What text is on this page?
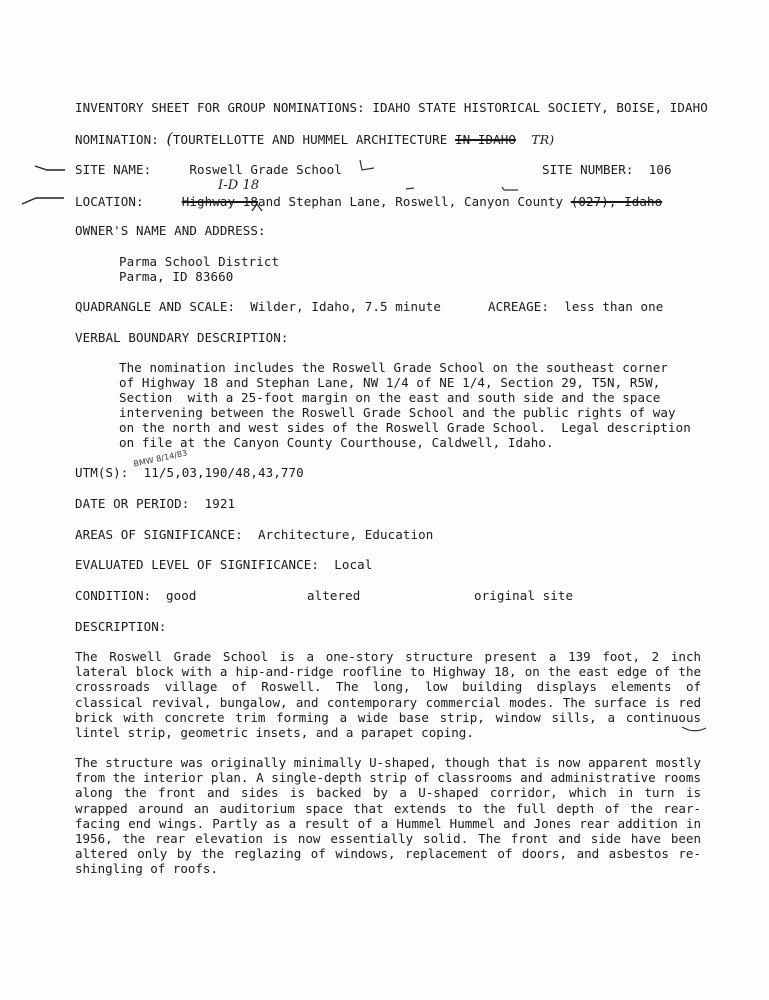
INVENTORY SHEET FOR GROUP NOMINATIONS: IDAHO STATE HISTORICAL SOCIETY, BOISE, IDAHO
NOMINATION: (TOURTELLOTTE AND HUMMEL ARCHITECTURE IN IDAHO TR)
SITE NAME:	Roswell Grade School	SITE NUMBER: 106
I-D 18
LOCATION:	Highway 18and Stephan Lane, Roswell, Canyon County (027), Idaho
OWNER'S NAME AND ADDRESS:
Parma School District
Parma, ID 83660
QUADRANGLE AND SCALE: Wilder, Idaho, 7.5 minute	ACREAGE: less than one
VERBAL BOUNDARY DESCRIPTION:
The nomination includes the Roswell Grade School on the southeast corner
of Highway 18 and Stephan Lane, NW 1/4 of NE 1/4, Section 29, T5N, R5W,
Section  with a 25-foot margin on the east and south side and the space
intervening between the Roswell Grade School and the public rights of way
on the north and west sides of the Roswell Grade School.  Legal description
on file at the Canyon County Courthouse, Caldwell, Idaho.
BMW 8/14/83
UTM(S): 11/5,03,190/48,43,770
DATE OR PERIOD: 1921
AREAS OF SIGNIFICANCE: Architecture, Education
EVALUATED LEVEL OF SIGNIFICANCE: Local
CONDITION: good	altered	original site
DESCRIPTION:
The Roswell Grade School is a one-story structure present a 139 foot, 2 inch lateral block with a hip-and-ridge roofline to Highway 18, on the east edge of the crossroads village of Roswell. The long, low building displays elements of classical revival, bungalow, and contemporary commercial modes. The surface is red brick with concrete trim forming a wide base strip, window sills, a continuous lintel strip, geometric insets, and a parapet coping.
The structure was originally minimally U-shaped, though that is now apparent mostly from the interior plan. A single-depth strip of classrooms and administrative rooms along the front and sides is backed by a U-shaped corridor, which in turn is wrapped around an auditorium space that extends to the full depth of the rear-facing end wings. Partly as a result of a Hummel Hummel and Jones rear addition in 1956, the rear elevation is now essentially solid. The front and side have been altered only by the reglazing of windows, replacement of doors, and asbestos re-shingling of roofs.
